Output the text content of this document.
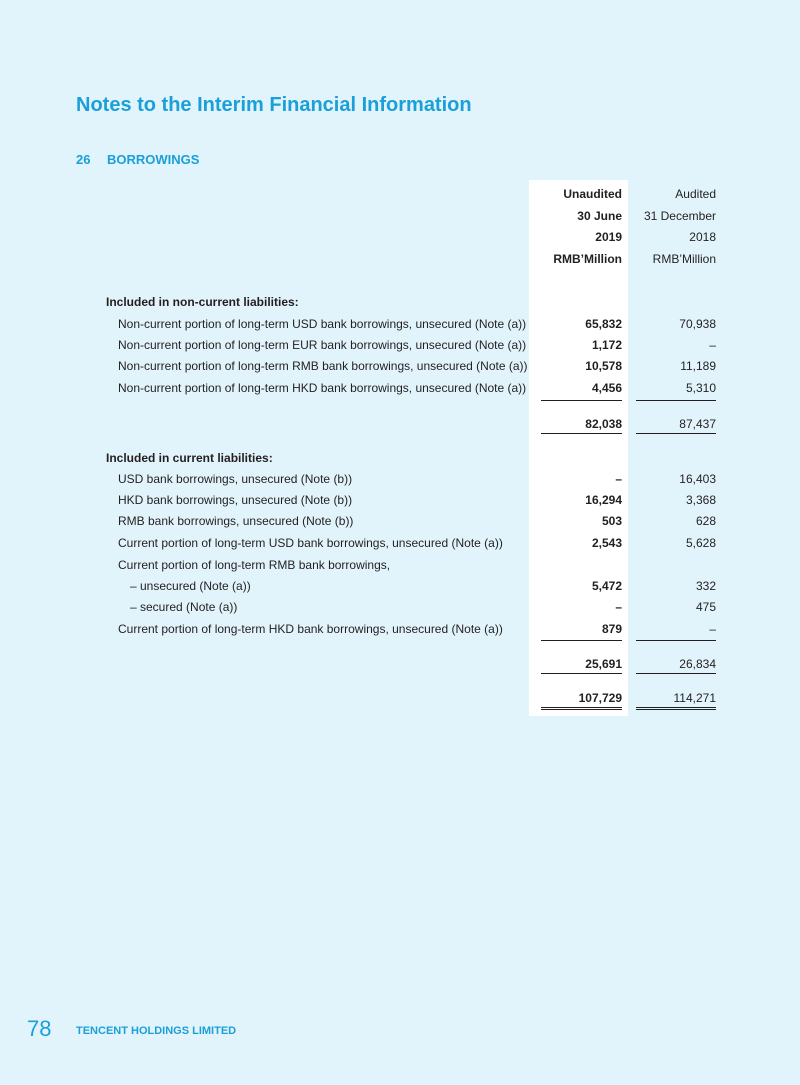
Notes to the Interim Financial Information
26 BORROWINGS
Unaudited	Audited
30 June	31 December
2019	2018
RMB’Million	RMB’Million
Included in non-current liabilities:
Non-current portion of long-term USD bank borrowings, unsecured (Note (a))	65,832	70,938
Non-current portion of long-term EUR bank borrowings, unsecured (Note (a))	1,172	–
Non-current portion of long-term RMB bank borrowings, unsecured (Note (a))	10,578	11,189
Non-current portion of long-term HKD bank borrowings, unsecured (Note (a))	4,456	5,310
82,038	87,437
Included in current liabilities:
USD bank borrowings, unsecured (Note (b))	–	16,403
HKD bank borrowings, unsecured (Note (b))	16,294	3,368
RMB bank borrowings, unsecured (Note (b))	503	628
Current portion of long-term USD bank borrowings, unsecured (Note (a))	2,543	5,628
Current portion of long-term RMB bank borrowings,
– unsecured (Note (a))	5,472	332
– secured (Note (a))	–	475
Current portion of long-term HKD bank borrowings, unsecured (Note (a))	879	–
25,691	26,834
107,729	114,271
78 TENCENT HOLDINGS LIMITED
